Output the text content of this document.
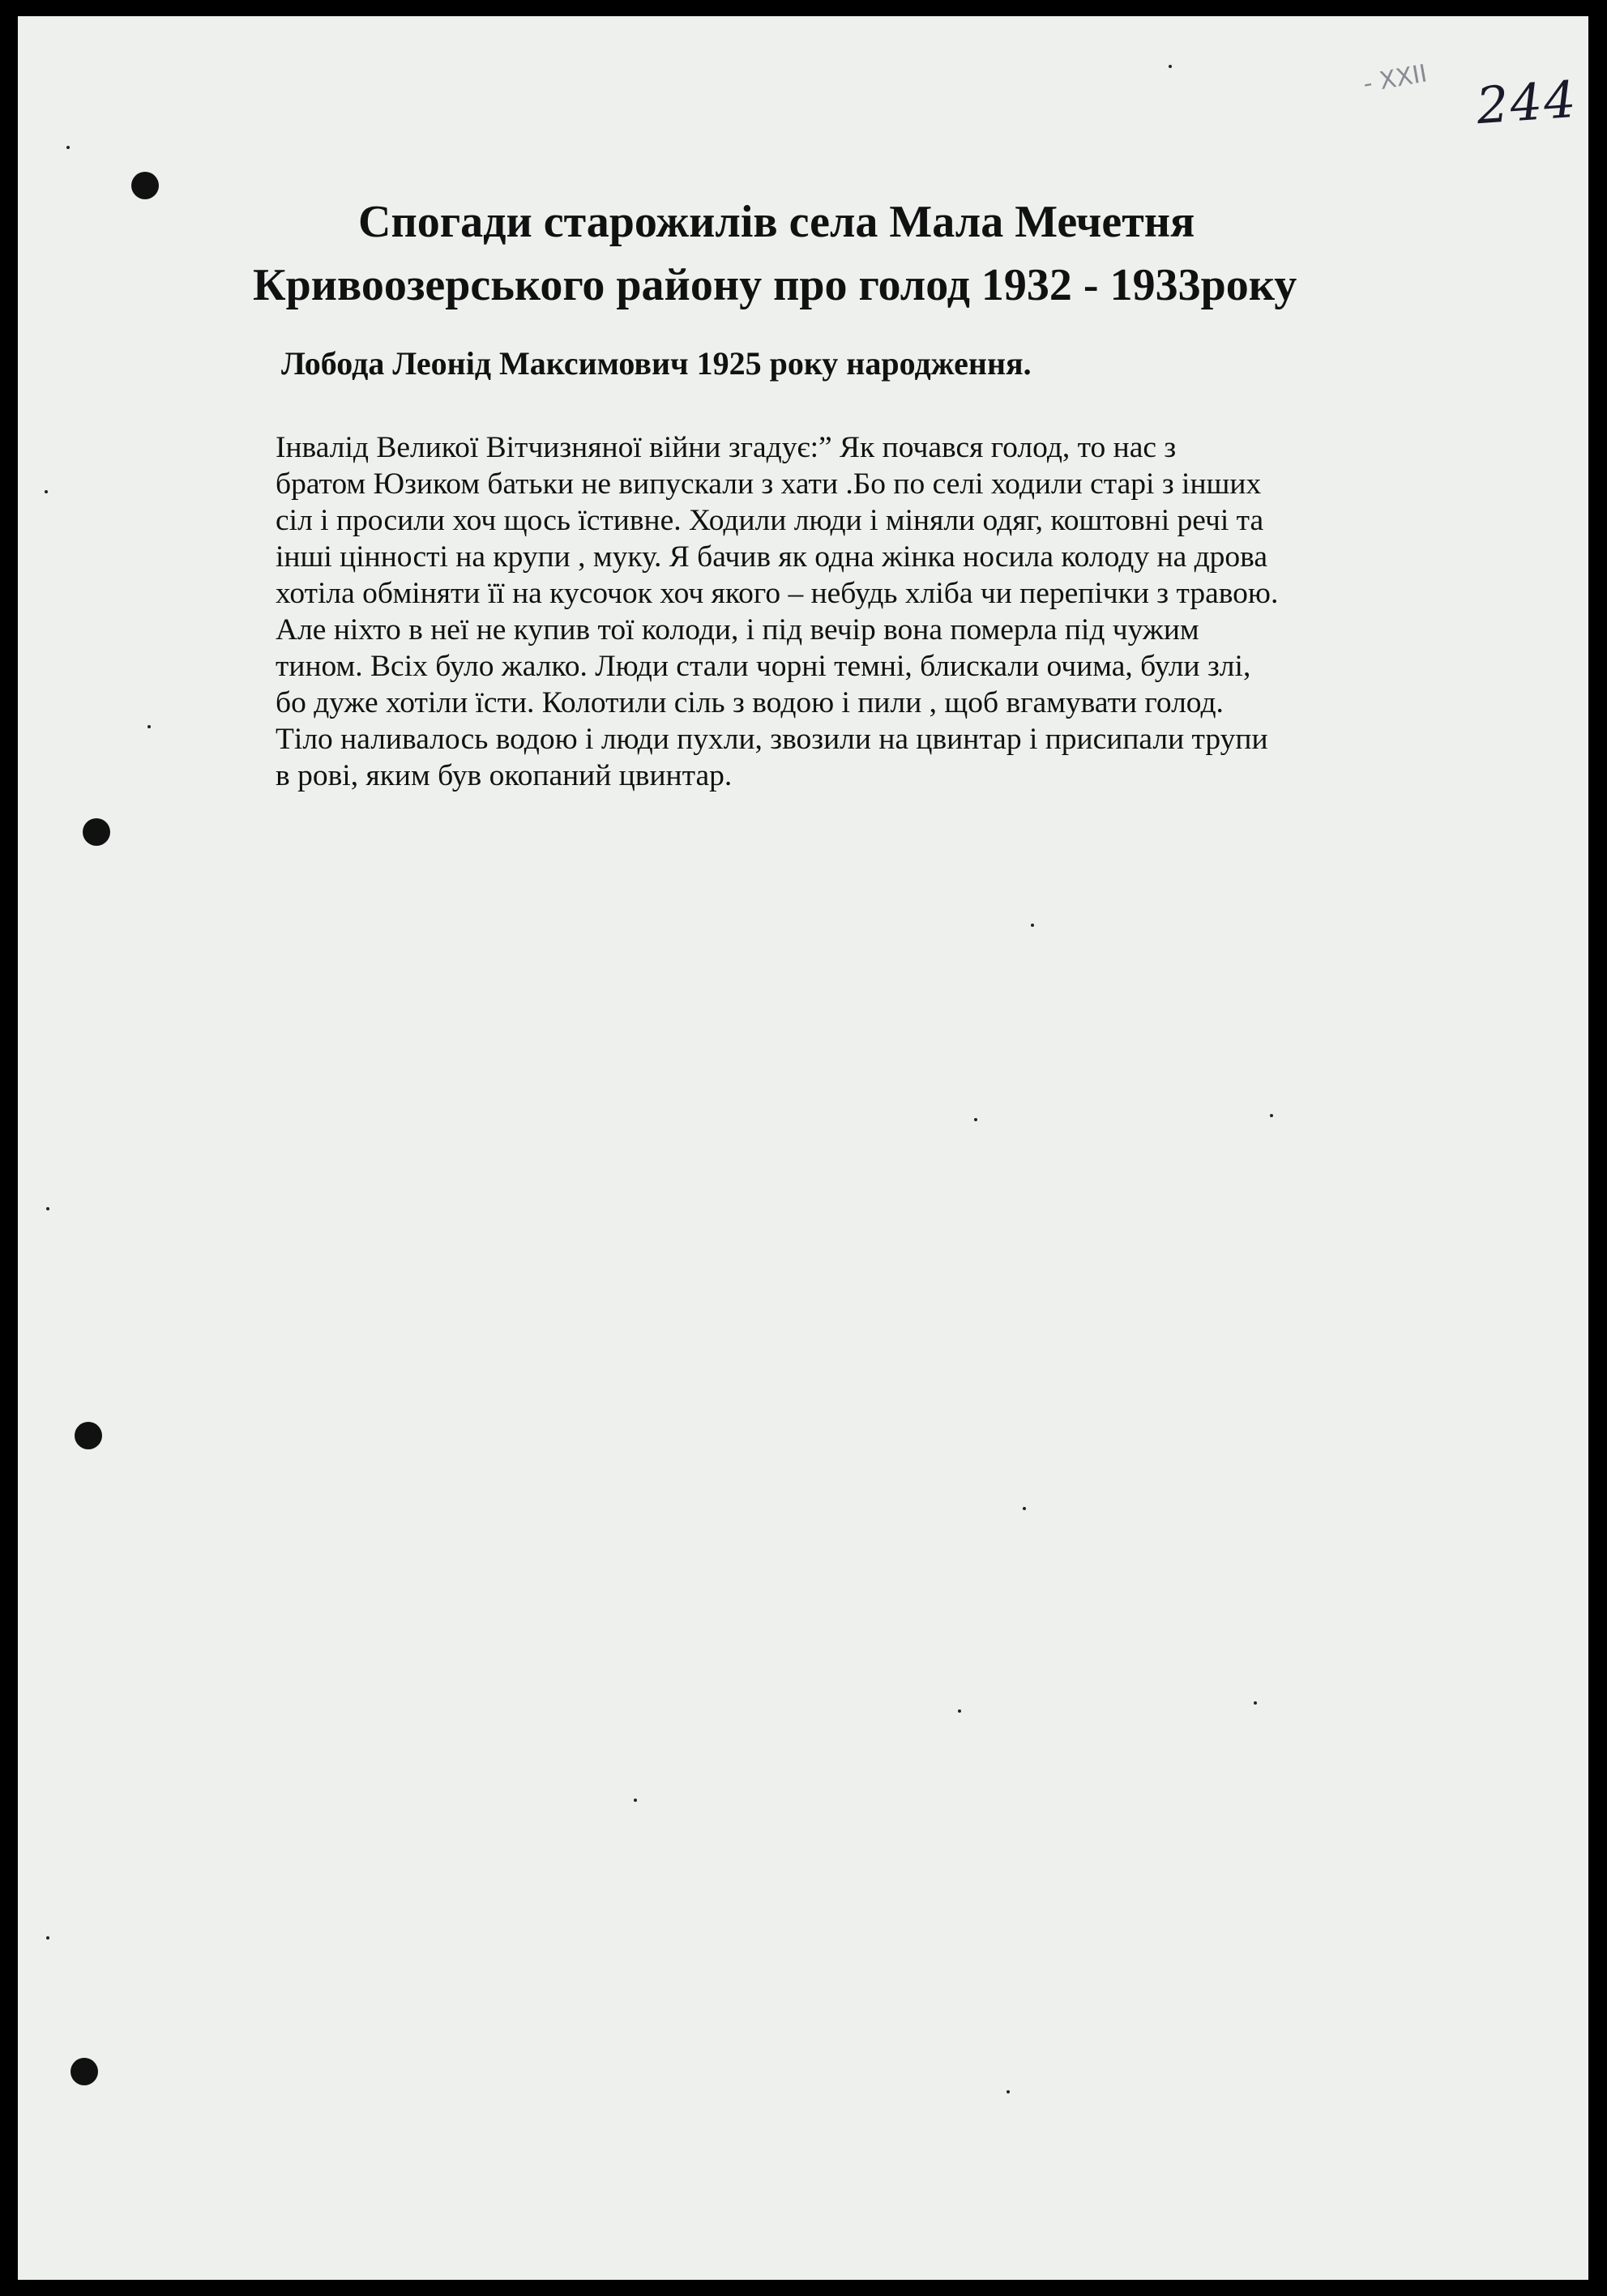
- XXII 244
Спогади старожилів села Мала Мечетня
Кривоозерського району про голод 1932 - 1933року
Лобода Леонід Максимович 1925 року народження.
Інвалід Великої Вітчизняної війни згадує:” Як почався голод, то нас з
братом Юзиком батьки не випускали з хати .Бо по селі ходили старі з інших
сіл і просили хоч щось їстивне. Ходили люди і міняли одяг, коштовні речі та
інші цінності на крупи , муку. Я бачив як одна жінка носила колоду на дрова
хотіла обміняти її на кусочок хоч якого – небудь хліба чи перепічки з травою.
Але ніхто в неї не купив тої колоди, і під вечір вона померла під чужим
тином. Всіх було жалко. Люди стали чорні темні, блискали очима, були злі,
бо дуже хотіли їсти. Колотили сіль з водою і пили , щоб вгамувати голод.
Тіло наливалось водою і люди пухли, звозили на цвинтар і присипали трупи
в рові, яким був окопаний цвинтар.
